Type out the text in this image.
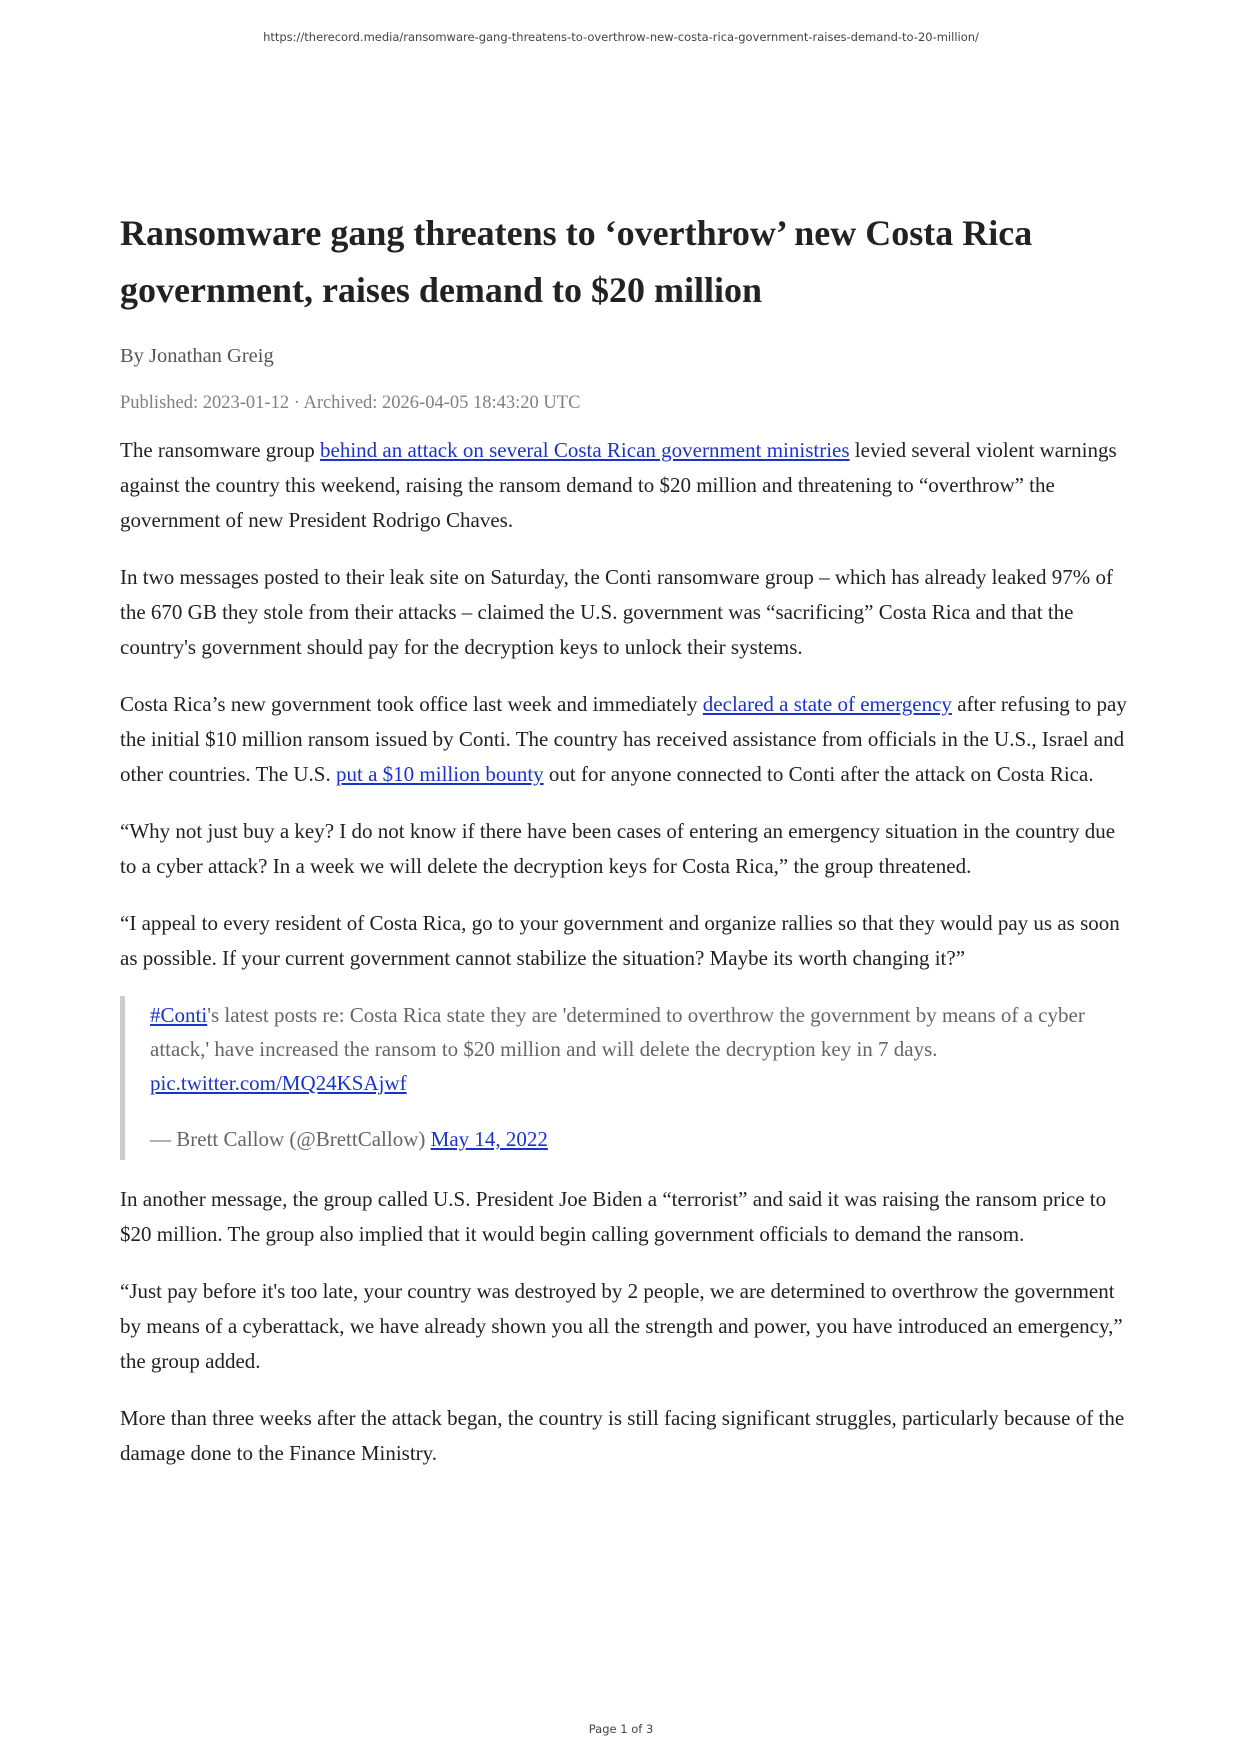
https://therecord.media/ransomware-gang-threatens-to-overthrow-new-costa-rica-government-raises-demand-to-20-million/
Ransomware gang threatens to ‘overthrow’ new Costa Rica government, raises demand to $20 million
By Jonathan Greig
Published: 2023-01-12 · Archived: 2026-04-05 18:43:20 UTC

The ransomware group behind an attack on several Costa Rican government ministries levied several violent warnings against the country this weekend, raising the ransom demand to $20 million and threatening to “overthrow” the government of new President Rodrigo Chaves.

In two messages posted to their leak site on Saturday, the Conti ransomware group – which has already leaked 97% of the 670 GB they stole from their attacks – claimed the U.S. government was “sacrificing” Costa Rica and that the country's government should pay for the decryption keys to unlock their systems.

Costa Rica’s new government took office last week and immediately declared a state of emergency after refusing to pay the initial $10 million ransom issued by Conti. The country has received assistance from officials in the U.S., Israel and other countries. The U.S. put a $10 million bounty out for anyone connected to Conti after the attack on Costa Rica.

“Why not just buy a key? I do not know if there have been cases of entering an emergency situation in the country due to a cyber attack? In a week we will delete the decryption keys for Costa Rica,” the group threatened.

“I appeal to every resident of Costa Rica, go to your government and organize rallies so that they would pay us as soon as possible. If your current government cannot stabilize the situation? Maybe its worth changing it?”

#Conti's latest posts re: Costa Rica state they are 'determined to overthrow the government by means of a cyber attack,' have increased the ransom to $20 million and will delete the decryption key in 7 days.
pic.twitter.com/MQ24KSAjwf

— Brett Callow (@BrettCallow) May 14, 2022

In another message, the group called U.S. President Joe Biden a “terrorist” and said it was raising the ransom price to $20 million. The group also implied that it would begin calling government officials to demand the ransom.

“Just pay before it's too late, your country was destroyed by 2 people, we are determined to overthrow the government by means of a cyberattack, we have already shown you all the strength and power, you have introduced an emergency,” the group added.

More than three weeks after the attack began, the country is still facing significant struggles, particularly because of the damage done to the Finance Ministry.

Page 1 of 3
